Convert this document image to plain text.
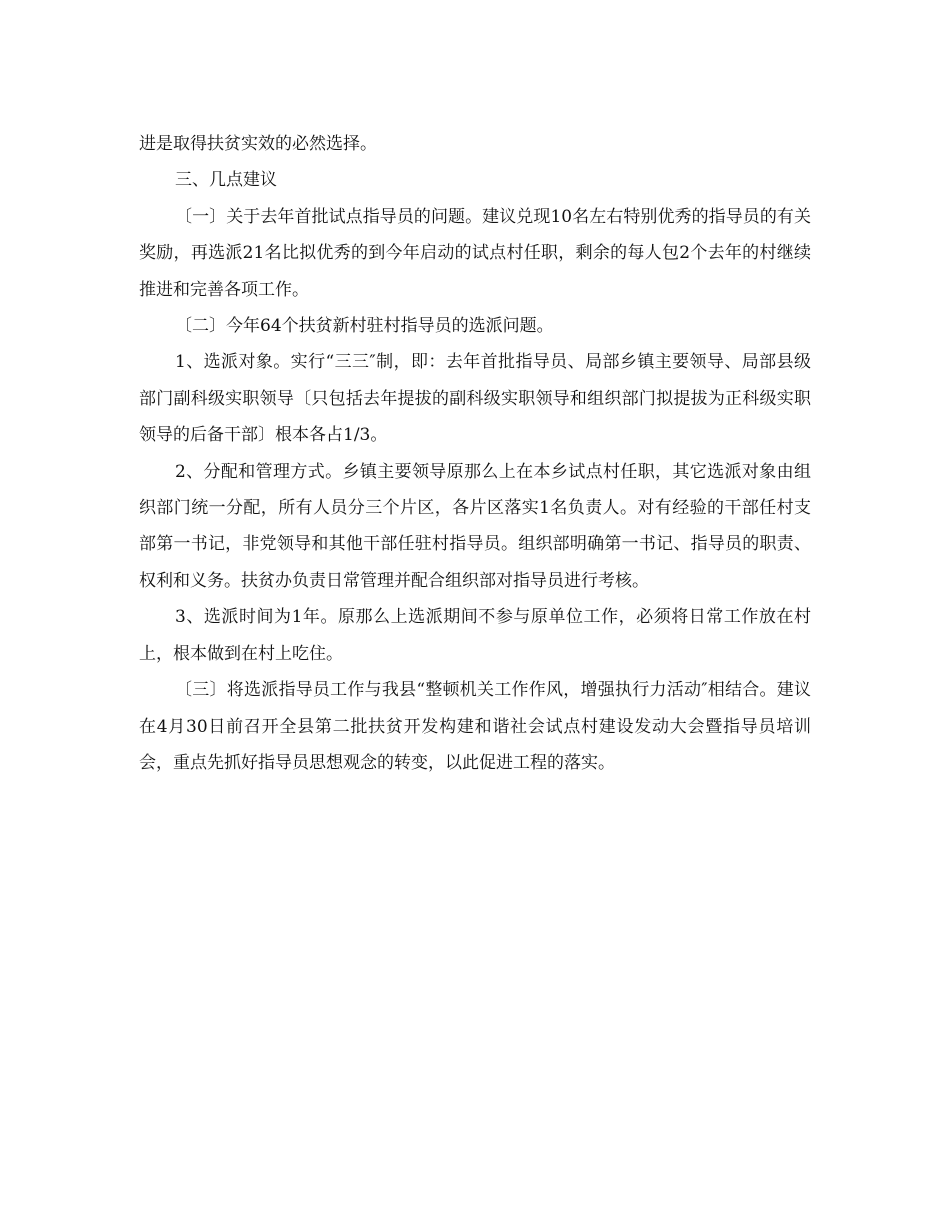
进是取得扶贫实效的必然选择。

三、几点建议

〔一〕关于去年首批试点指导员的问题。建议兑现10名左右特别优秀的指导员的有关奖励，再选派21名比拟优秀的到今年启动的试点村任职，剩余的每人包2个去年的村继续推进和完善各项工作。

〔二〕今年64个扶贫新村驻村指导员的选派问题。

1、选派对象。实行“三三″制，即：去年首批指导员、局部乡镇主要领导、局部县级部门副科级实职领导〔只包括去年提拔的副科级实职领导和组织部门拟提拔为正科级实职领导的后备干部〕根本各占1/3。

2、分配和管理方式。乡镇主要领导原那么上在本乡试点村任职，其它选派对象由组织部门统一分配，所有人员分三个片区，各片区落实1名负责人。对有经验的干部任村支部第一书记，非党领导和其他干部任驻村指导员。组织部明确第一书记、指导员的职责、权利和义务。扶贫办负责日常管理并配合组织部对指导员进行考核。

3、选派时间为1年。原那么上选派期间不参与原单位工作，必须将日常工作放在村上，根本做到在村上吃住。

〔三〕将选派指导员工作与我县“整顿机关工作作风，增强执行力活动″相结合。建议在4月30日前召开全县第二批扶贫开发构建和谐社会试点村建设发动大会暨指导员培训会，重点先抓好指导员思想观念的转变，以此促进工程的落实。
